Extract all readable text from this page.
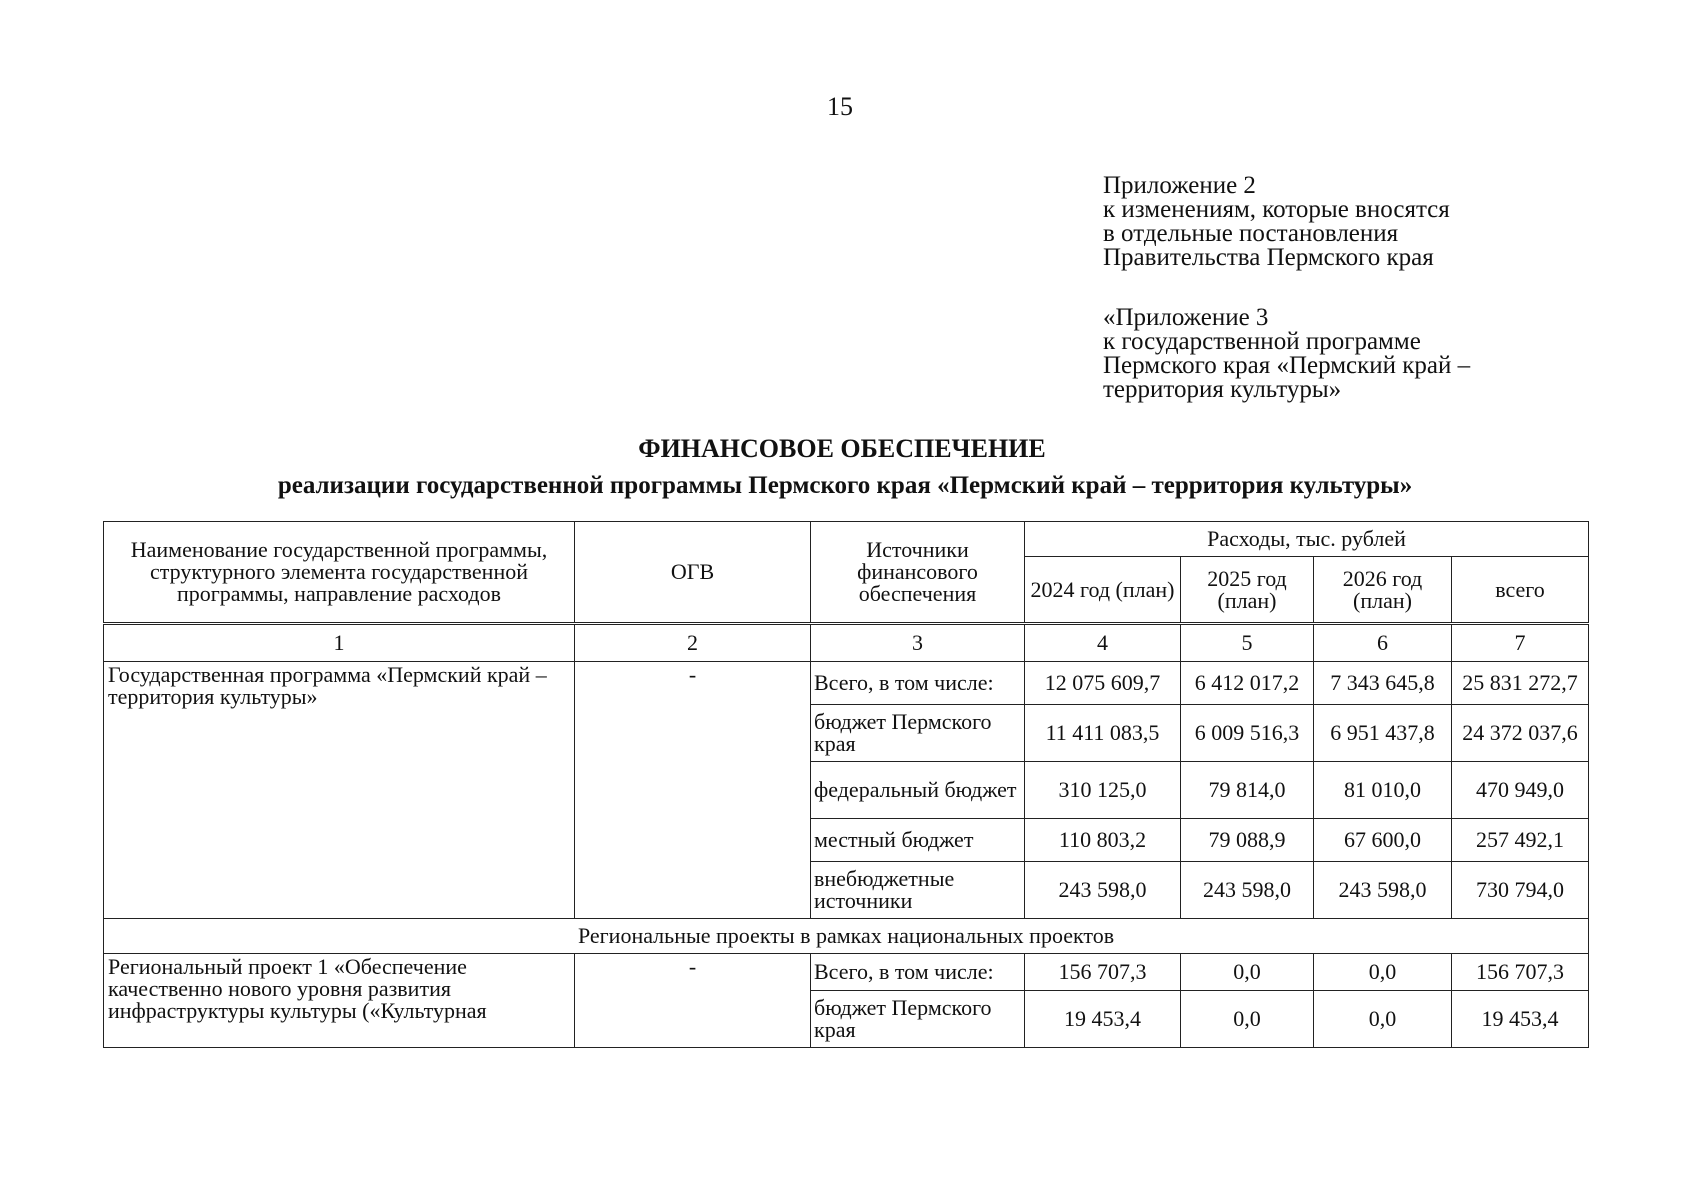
15
Приложение 2
к изменениям, которые вносятся
в отдельные постановления
Правительства Пермского края
«Приложение 3
к государственной программе
Пермского края «Пермский край –
территория культуры»
ФИНАНСОВОЕ ОБЕСПЕЧЕНИЕ
реализации государственной программы Пермского края «Пермский край – территория культуры»
Наименование государственной программы, структурного элемента государственной программы, направление расходов	ОГВ	Источники финансового обеспечения	Расходы, тыс. рублей			
			2024 год (план)	2025 год (план)	2026 год (план)	всего
1	2	3	4	5	6	7
Государственная программа «Пермский край – территория культуры»	-	Всего, в том числе:	12 075 609,7	6 412 017,2	7 343 645,8	25 831 272,7
		бюджет Пермского края	11 411 083,5	6 009 516,3	6 951 437,8	24 372 037,6
		федеральный бюджет	310 125,0	79 814,0	81 010,0	470 949,0
		местный бюджет	110 803,2	79 088,9	67 600,0	257 492,1
		внебюджетные источники	243 598,0	243 598,0	243 598,0	730 794,0
Региональные проекты в рамках национальных проектов						
Региональный проект 1 «Обеспечение качественно нового уровня развития инфраструктуры культуры («Культурная	-	Всего, в том числе:	156 707,3	0,0	0,0	156 707,3
		бюджет Пермского края	19 453,4	0,0	0,0	19 453,4
